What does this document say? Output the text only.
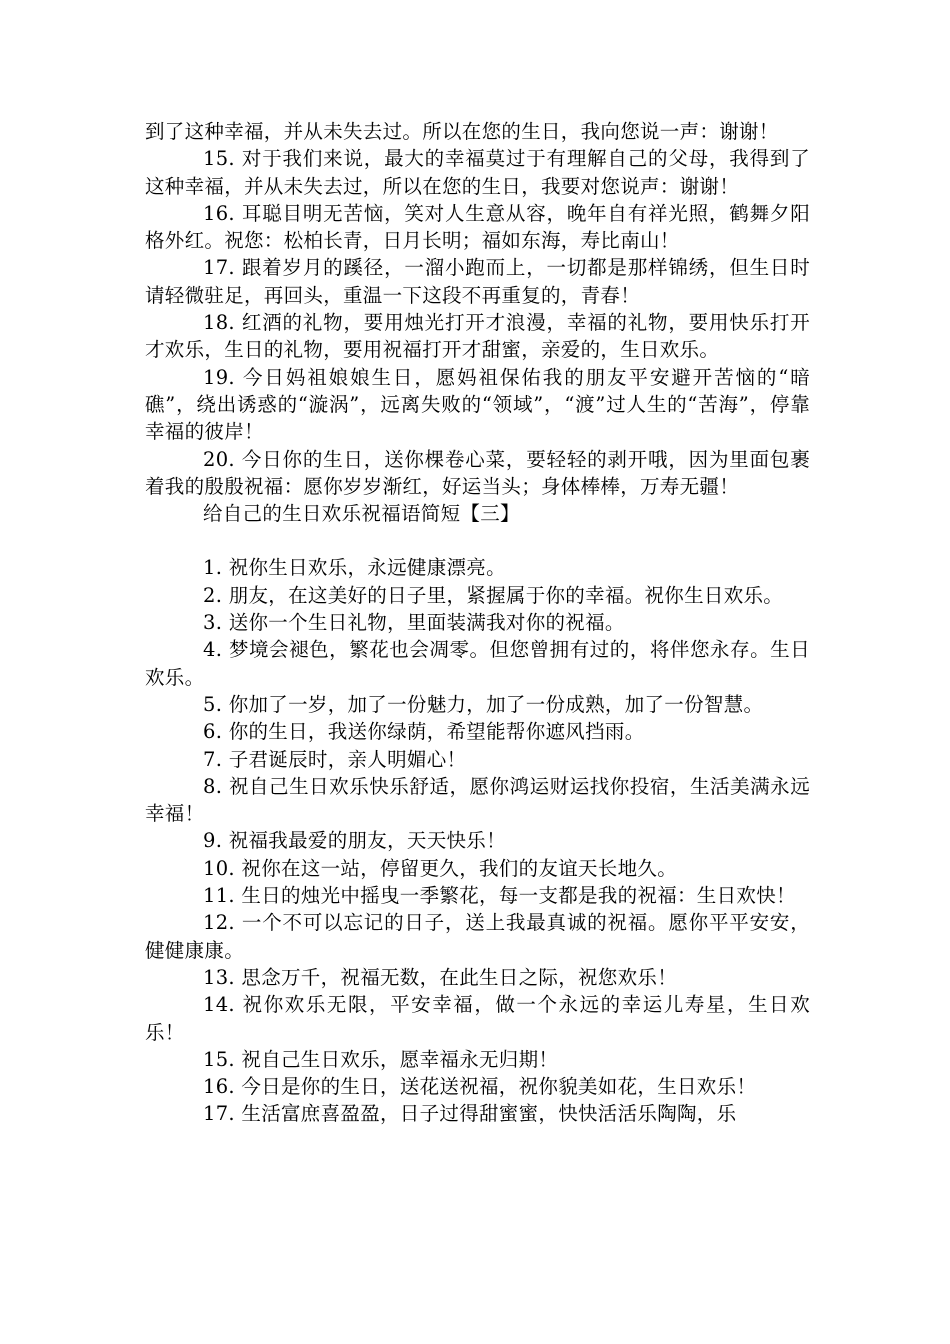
到了这种幸福，并从未失去过。所以在您的生日，我向您说一声：谢谢！

15. 对于我们来说，最大的幸福莫过于有理解自己的父母，我得到了这种幸福，并从未失去过，所以在您的生日，我要对您说声：谢谢！

16. 耳聪目明无苦恼，笑对人生意从容，晚年自有祥光照，鹤舞夕阳格外红。祝您：松柏长青，日月长明；福如东海，寿比南山！

17. 跟着岁月的蹊径，一溜小跑而上，一切都是那样锦绣，但生日时请轻微驻足，再回头，重温一下这段不再重复的，青春！

18. 红酒的礼物，要用烛光打开才浪漫，幸福的礼物，要用快乐打开才欢乐，生日的礼物，要用祝福打开才甜蜜，亲爱的，生日欢乐。

19. 今日妈祖娘娘生日，愿妈祖保佑我的朋友平安避开苦恼的“暗礁”，绕出诱惑的“漩涡”，远离失败的“领域”，“渡”过人生的“苦海”，停靠幸福的彼岸！

20. 今日你的生日，送你棵卷心菜，要轻轻的剥开哦，因为里面包裹着我的殷殷祝福：愿你岁岁渐红，好运当头；身体棒棒，万寿无疆！

给自己的生日欢乐祝福语简短【三】

1. 祝你生日欢乐，永远健康漂亮。

2. 朋友，在这美好的日子里，紧握属于你的幸福。祝你生日欢乐。

3. 送你一个生日礼物，里面装满我对你的祝福。

4. 梦境会褪色，繁花也会凋零。但您曾拥有过的，将伴您永存。生日欢乐。

5. 你加了一岁，加了一份魅力，加了一份成熟，加了一份智慧。

6. 你的生日，我送你绿荫，希望能帮你遮风挡雨。

7. 子君诞辰时，亲人明媚心！

8. 祝自己生日欢乐快乐舒适，愿你鸿运财运找你投宿，生活美满永远幸福！

9. 祝福我最爱的朋友，天天快乐！

10. 祝你在这一站，停留更久，我们的友谊天长地久。

11. 生日的烛光中摇曳一季繁花，每一支都是我的祝福：生日欢快！

12. 一个不可以忘记的日子，送上我最真诚的祝福。愿你平平安安，健健康康。

13. 思念万千，祝福无数，在此生日之际，祝您欢乐！

14. 祝你欢乐无限，平安幸福，做一个永远的幸运儿寿星，生日欢乐！

15. 祝自己生日欢乐，愿幸福永无归期！

16. 今日是你的生日，送花送祝福，祝你貌美如花，生日欢乐！

17. 生活富庶喜盈盈，日子过得甜蜜蜜，快快活活乐陶陶，乐
